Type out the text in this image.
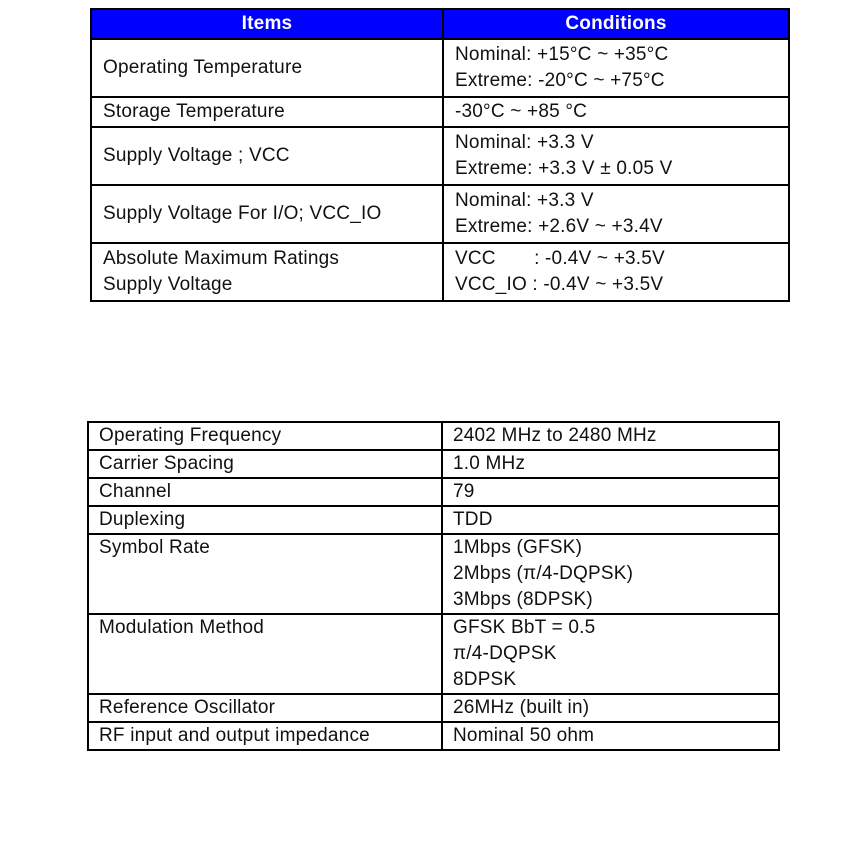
Items	Conditions

Operating Temperature	Nominal: +15°C ~ +35°C
Extreme: -20°C ~ +75°C

Storage Temperature	-30°C ~ +85 °C

Supply Voltage ; VCC	Nominal: +3.3 V
Extreme: +3.3 V ± 0.05 V

Supply Voltage For I/O; VCC_IO	Nominal: +3.3 V
Extreme: +2.6V ~ +3.4V

Absolute Maximum Ratings
Supply Voltage	VCC       : -0.4V ~ +3.5V
VCC_IO : -0.4V ~ +3.5V
Operating Frequency	2402 MHz to 2480 MHz

Carrier Spacing	1.0 MHz

Channel	79

Duplexing	TDD

Symbol Rate	1Mbps (GFSK)
2Mbps (π/4-DQPSK)
3Mbps (8DPSK)

Modulation Method	GFSK BbT = 0.5
π/4-DQPSK
8DPSK

Reference Oscillator	26MHz (built in)

RF input and output impedance	Nominal 50 ohm
